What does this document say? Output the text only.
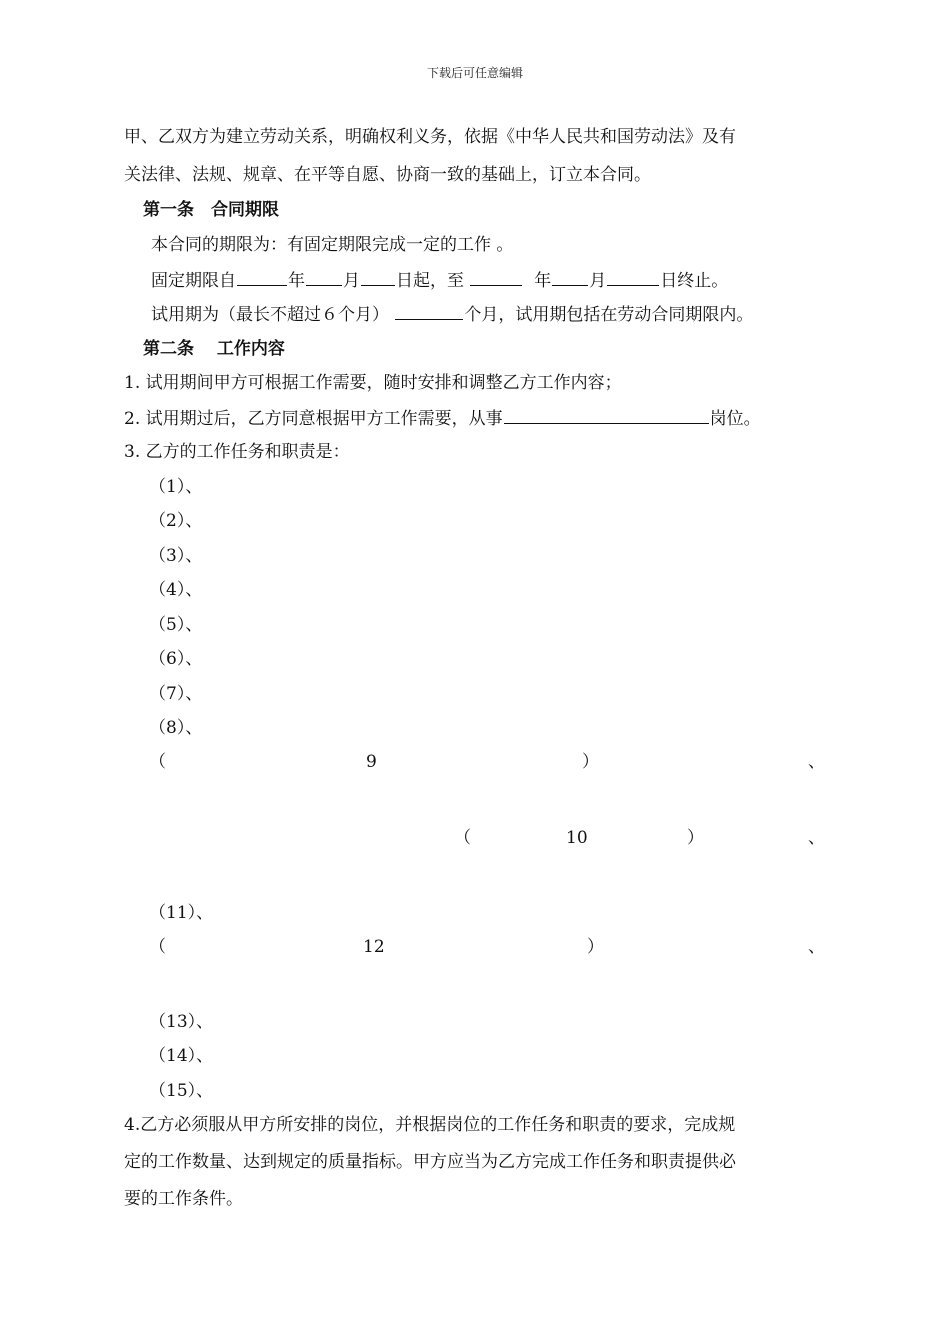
下载后可任意编辑
甲、乙双方为建立劳动关系，明确权利义务，依据《中华人民共和国劳动法》及有
关法律、法规、规章、在平等自愿、协商一致的基础上，订立本合同。
第一条　合同期限
本合同的期限为：有固定期限完成一定的工作 。
固定期限自	年 月 日起，至	年 月	日终止。
试用期为（最长不超过６个月）	个月，试用期包括在劳动合同期限内。
第二条　 工作内容
1. 试用期间甲方可根据工作需要，随时安排和调整乙方工作内容；
2. 试用期过后，乙方同意根据甲方工作需要，从事	岗位。
3. 乙方的工作任务和职责是：
（1）、
（2）、
（3）、
（4）、
（5）、
（6）、
（7）、
（8）、
（	9	）	、
（	10	）	、
（11）、
（	12	）	、
（13）、
（14）、
（15）、
4.乙方必须服从甲方所安排的岗位，并根据岗位的工作任务和职责的要求，完成规
定的工作数量、达到规定的质量指标。甲方应当为乙方完成工作任务和职责提供必
要的工作条件。
